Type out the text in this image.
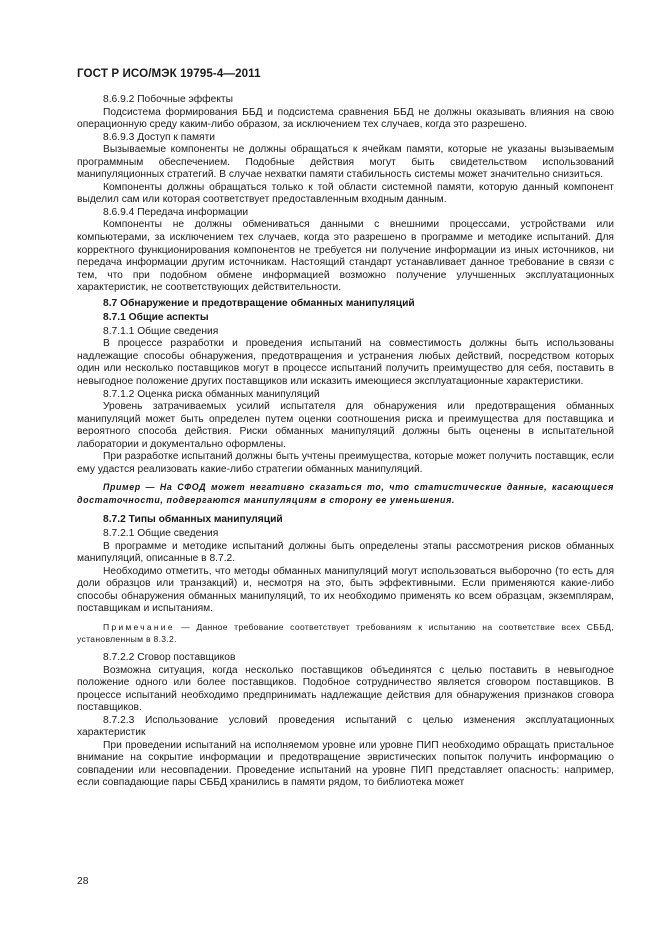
ГОСТ Р ИСО/МЭК 19795-4—2011

8.6.9.2 Побочные эффекты

Подсистема формирования ББД и подсистема сравнения ББД не должны оказывать влияния на свою операционную среду каким-либо образом, за исключением тех случаев, когда это разрешено.

8.6.9.3 Доступ к памяти

Вызываемые компоненты не должны обращаться к ячейкам памяти, которые не указаны вызываемым программным обеспечением. Подобные действия могут быть свидетельством использований манипуляционных стратегий. В случае нехватки памяти стабильность системы может значительно снизиться.

Компоненты должны обращаться только к той области системной памяти, которую данный компонент выделил сам или которая соответствует предоставленным входным данным.

8.6.9.4 Передача информации

Компоненты не должны обмениваться данными с внешними процессами, устройствами или компьютерами, за исключением тех случаев, когда это разрешено в программе и методике испытаний. Для корректного функционирования компонентов не требуется ни получение информации из иных источников, ни передача информации другим источникам. Настоящий стандарт устанавливает данное требование в связи с тем, что при подобном обмене информацией возможно получение улучшенных эксплуатационных характеристик, не соответствующих действительности.

8.7 Обнаружение и предотвращение обманных манипуляций

8.7.1 Общие аспекты

8.7.1.1 Общие сведения

В процессе разработки и проведения испытаний на совместимость должны быть использованы надлежащие способы обнаружения, предотвращения и устранения любых действий, посредством которых один или несколько поставщиков могут в процессе испытаний получить преимущество для себя, поставить в невыгодное положение других поставщиков или исказить имеющиеся эксплуатационные характеристики.

8.7.1.2 Оценка риска обманных манипуляций

Уровень затрачиваемых усилий испытателя для обнаружения или предотвращения обманных манипуляций может быть определен путем оценки соотношения риска и преимущества для поставщика и вероятного способа действия. Риски обманных манипуляций должны быть оценены в испытательной лаборатории и документально оформлены.

При разработке испытаний должны быть учтены преимущества, которые может получить поставщик, если ему удастся реализовать какие-либо стратегии обманных манипуляций.

Пример — На СФОД может негативно сказаться то, что статистические данные, касающиеся достаточности, подвергаются манипуляциям в сторону ее уменьшения.

8.7.2 Типы обманных манипуляций

8.7.2.1 Общие сведения

В программе и методике испытаний должны быть определены этапы рассмотрения рисков обманных манипуляций, описанные в 8.7.2.

Необходимо отметить, что методы обманных манипуляций могут использоваться выборочно (то есть для доли образцов или транзакций) и, несмотря на это, быть эффективными. Если применяются какие-либо способы обнаружения обманных манипуляций, то их необходимо применять ко всем образцам, экземплярам, поставщикам и испытаниям.

Примечание — Данное требование соответствует требованиям к испытанию на соответствие всех СББД, установленным в 8.3.2.

8.7.2.2 Сговор поставщиков

Возможна ситуация, когда несколько поставщиков объединятся с целью поставить в невыгодное положение одного или более поставщиков. Подобное сотрудничество является сговором поставщиков. В процессе испытаний необходимо предпринимать надлежащие действия для обнаружения признаков сговора поставщиков.

8.7.2.3 Использование условий проведения испытаний с целью изменения эксплуатационных характеристик

При проведении испытаний на исполняемом уровне или уровне ПИП необходимо обращать пристальное внимание на сокрытие информации и предотвращение эвристических попыток получить информацию о совпадении или несовпадении. Проведение испытаний на уровне ПИП представляет опасность: например, если совпадающие пары СББД хранились в памяти рядом, то библиотека может

28
